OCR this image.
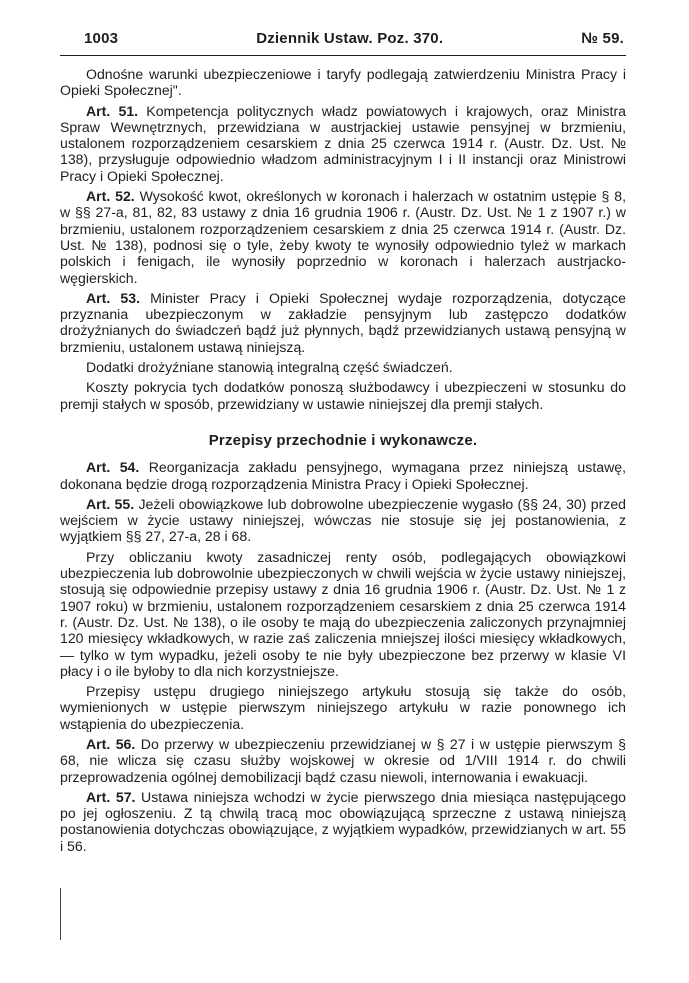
1003	Dziennik Ustaw. Poz. 370.	№ 59.

Odnośne warunki ubezpieczeniowe i taryfy podlegają zatwierdzeniu Ministra Pracy i Opieki Społecznej".

Art. 51. Kompetencja politycznych władz powiatowych i krajowych, oraz Ministra Spraw Wewnętrznych, przewidziana w austrjackiej ustawie pensyjnej w brzmieniu, ustalonem rozporządzeniem cesarskiem z dnia 25 czerwca 1914 r. (Austr. Dz. Ust. № 138), przysługuje odpowiednio władzom administracyjnym I i II instancji oraz Ministrowi Pracy i Opieki Społecznej.

Art. 52. Wysokość kwot, określonych w koronach i halerzach w ostatnim ustępie § 8, w §§ 27-a, 81, 82, 83 ustawy z dnia 16 grudnia 1906 r. (Austr. Dz. Ust. № 1 z 1907 r.) w brzmieniu, ustalonem rozporządzeniem cesarskiem z dnia 25 czerwca 1914 r. (Austr. Dz. Ust. № 138), podnosi się o tyle, żeby kwoty te wynosiły odpowiednio tyleż w markach polskich i fenigach, ile wynosiły poprzednio w koronach i halerzach austrjacko-węgierskich.

Art. 53. Minister Pracy i Opieki Społecznej wydaje rozporządzenia, dotyczące przyznania ubezpieczonym w zakładzie pensyjnym lub zastępczo dodatków drożyźnianych do świadczeń bądź już płynnych, bądź przewidzianych ustawą pensyjną w brzmieniu, ustalonem ustawą niniejszą.

Dodatki drożyźniane stanowią integralną część świadczeń.

Koszty pokrycia tych dodatków ponoszą służbodawcy i ubezpieczeni w stosunku do premji stałych w sposób, przewidziany w ustawie niniejszej dla premji stałych.

Przepisy przechodnie i wykonawcze.

Art. 54. Reorganizacja zakładu pensyjnego, wymagana przez niniejszą ustawę, dokonana będzie drogą rozporządzenia Ministra Pracy i Opieki Społecznej.

Art. 55. Jeżeli obowiązkowe lub dobrowolne ubezpieczenie wygasło (§§ 24, 30) przed wejściem w życie ustawy niniejszej, wówczas nie stosuje się jej postanowienia, z wyjątkiem §§ 27, 27-a, 28 i 68.

Przy obliczaniu kwoty zasadniczej renty osób, podlegających obowiązkowi ubezpieczenia lub dobrowolnie ubezpieczonych w chwili wejścia w życie ustawy niniejszej, stosują się odpowiednie przepisy ustawy z dnia 16 grudnia 1906 r. (Austr. Dz. Ust. № 1 z 1907 roku) w brzmieniu, ustalonem rozporządzeniem cesarskiem z dnia 25 czerwca 1914 r. (Austr. Dz. Ust. № 138), o ile osoby te mają do ubezpieczenia zaliczonych przynajmniej 120 miesięcy wkładkowych, w razie zaś zaliczenia mniejszej ilości miesięcy wkładkowych, — tylko w tym wypadku, jeżeli osoby te nie były ubezpieczone bez przerwy w klasie VI płacy i o ile byłoby to dla nich korzystniejsze.

Przepisy ustępu drugiego niniejszego artykułu stosują się także do osób, wymienionych w ustępie pierwszym niniejszego artykułu w razie ponownego ich wstąpienia do ubezpieczenia.

Art. 56. Do przerwy w ubezpieczeniu przewidzianej w § 27 i w ustępie pierwszym § 68, nie wlicza się czasu służby wojskowej w okresie od 1/VIII 1914 r. do chwili przeprowadzenia ogólnej demobilizacji bądź czasu niewoli, internowania i ewakuacji.

Art. 57. Ustawa niniejsza wchodzi w życie pierwszego dnia miesiąca następującego po jej ogłoszeniu. Z tą chwilą tracą moc obowiązującą sprzeczne z ustawą niniejszą postanowienia dotychczas obowiązujące, z wyjątkiem wypadków, przewidzianych w art. 55 i 56.
